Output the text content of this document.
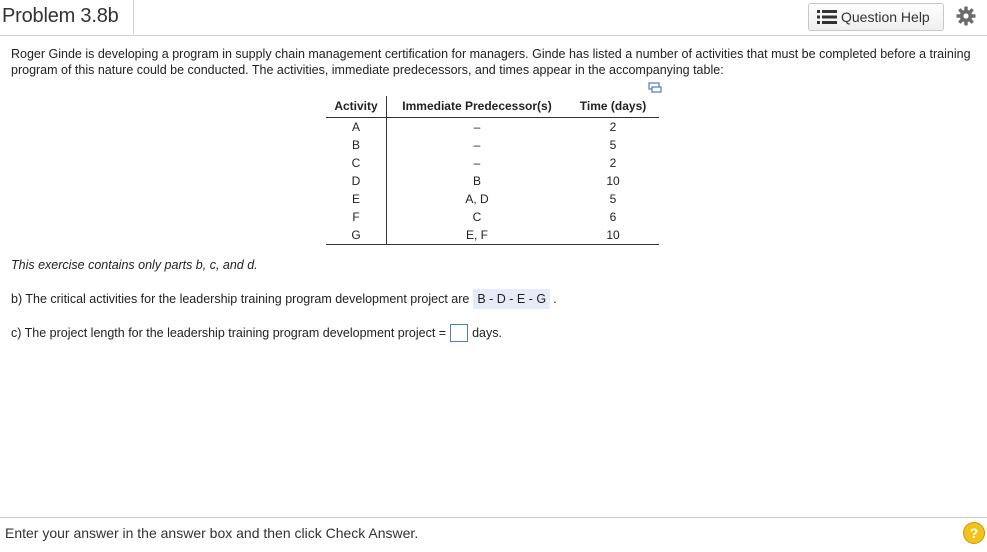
Problem 3.8b	Question Help
Roger Ginde is developing a program in supply chain management certification for managers. Ginde has listed a number of activities that must be completed before a training program of this nature could be conducted. The activities, immediate predecessors, and times appear in the accompanying table:
Activity	Immediate Predecessor(s)	Time (days)
A	–	2
B	–	5
C	–	2
D	B	10
E	A, D	5
F	C	6
G	E, F	10
This exercise contains only parts b, c, and d.
b) The critical activities for the leadership training program development project are B - D - E - G .
c) The project length for the leadership training program development project = days.
Enter your answer in the answer box and then click Check Answer.	?
